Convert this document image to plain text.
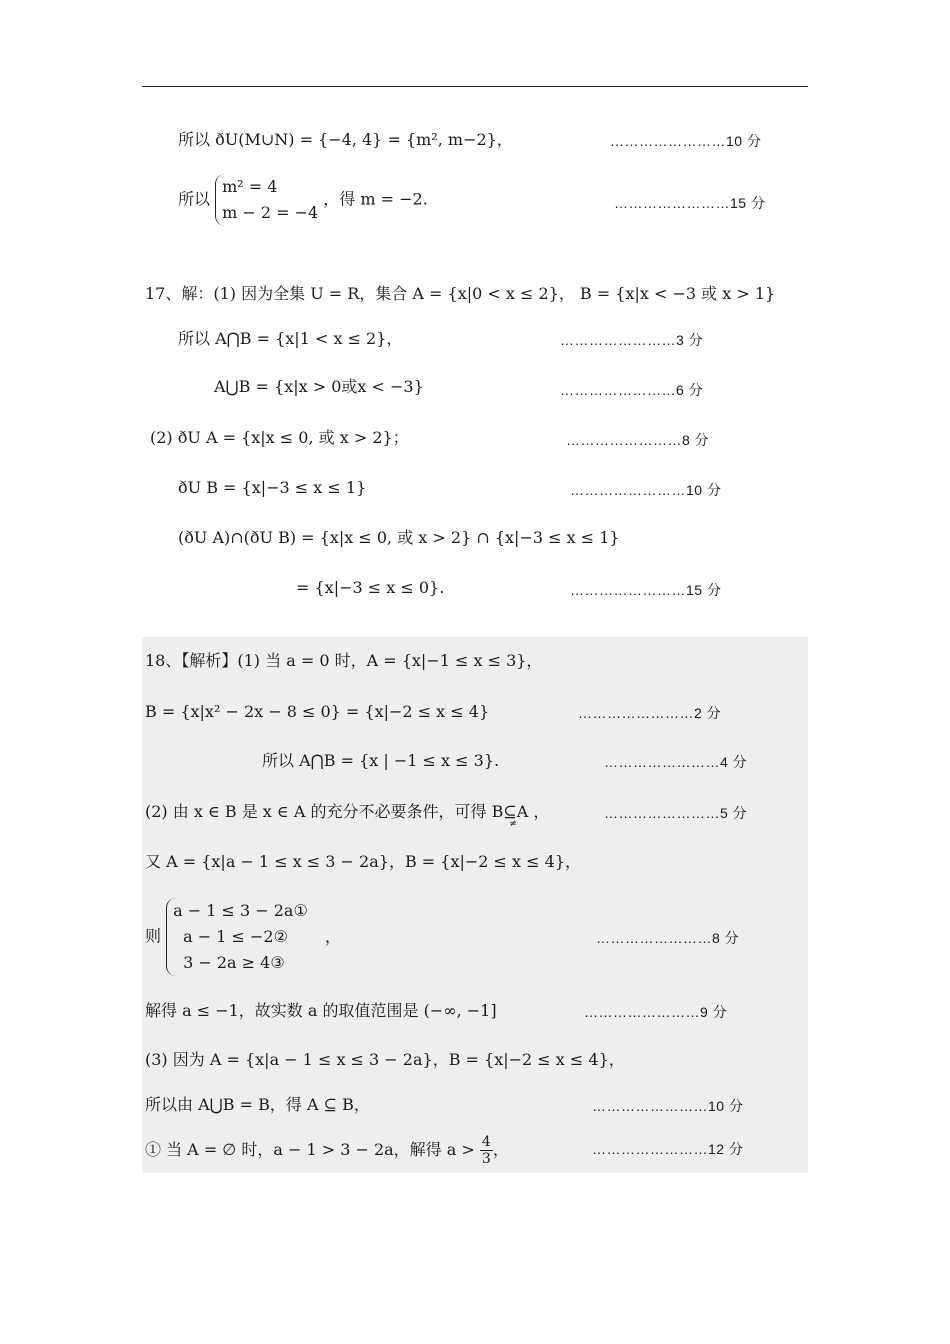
所以 ðU(M∪N) = {−4, 4} = {m², m−2}，	……………………10 分
所以
m² = 4
m − 2 = −4
，得 m = −2.	……………………15 分
17、解：(1) 因为全集 U = R，集合 A = {x|0 < x ≤ 2}， B = {x|x < −3 或 x > 1}
所以 A⋂B = {x|1 < x ≤ 2}，	……………………3 分
A⋃B = {x|x > 0或x < −3}	……………………6 分
(2) ðU A = {x|x ≤ 0, 或 x > 2}；	……………………8 分
ðU B = {x|−3 ≤ x ≤ 1}	……………………10 分
(ðU A)∩(ðU B) = {x|x ≤ 0, 或 x > 2} ∩ {x|−3 ≤ x ≤ 1}
= {x|−3 ≤ x ≤ 0}.	……………………15 分
18、【解析】(1) 当 a = 0 时，A = {x|−1 ≤ x ≤ 3}，
B = {x|x² − 2x − 8 ≤ 0} = {x|−2 ≤ x ≤ 4}	……………………2 分
所以 A⋂B = {x | −1 ≤ x ≤ 3}.	……………………4 分
(2) 由 x ∈ B 是 x ∈ A 的充分不必要条件，可得 B⊆
≠
A ，	……………………5 分
又 A = {x|a − 1 ≤ x ≤ 3 − 2a}，B = {x|−2 ≤ x ≤ 4}，
则
a − 1 ≤ 3 − 2a①
a − 1 ≤ −2②
3 − 2a ≥ 4③
，	……………………8 分
解得 a ≤ −1，故实数 a 的取值范围是 (−∞, −1]	……………………9 分
(3) 因为 A = {x|a − 1 ≤ x ≤ 3 − 2a}，B = {x|−2 ≤ x ≤ 4}，
所以由 A⋃B = B，得 A ⊆ B，	……………………10 分
① 当 A = ∅ 时，a − 1 > 3 − 2a，解得 $a > \frac{4}{3}$ ，	……………………12 分
